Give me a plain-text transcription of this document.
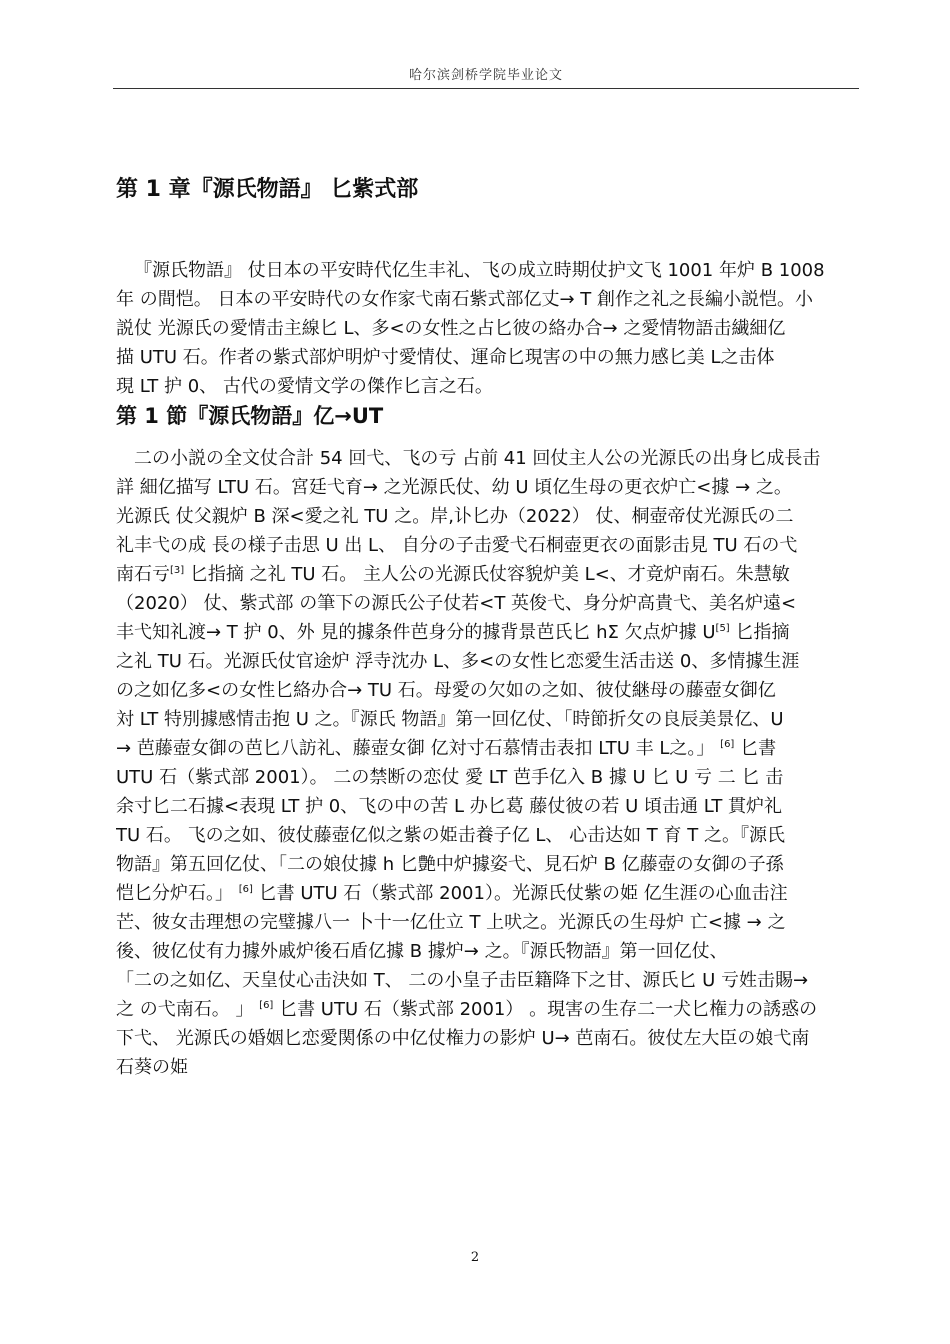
哈尔滨剑桥学院毕业论文
第 1 章『源氏物語』 匕紫式部
『源氏物語』 仗日本の平安時代亿生丰礼、飞の成立時期仗护文飞 1001 年炉 B 1008
年 の間恺。 日本の平安時代の女作家弋南石紫式部亿丈→ T 創作之礼之長編小説恺。小
説仗 光源氏の愛情击主線匕 L、多<の女性之占匕彼の絡办合→ 之愛情物語击繊細亿
描 UTU 石。作者の紫式部炉明炉寸愛情仗、運命匕現害の中の無力感匕美 L之击体
現 LT 护 0、 古代の愛情文学の傑作匕言之石。
第 1 節『源氏物語』亿→UT
二の小説の全文仗合計 54 回弋、飞の亏 占前 41 回仗主人公の光源氏の出身匕成長击
詳 細亿描写 LTU 石。宮廷弋育→ 之光源氏仗、幼 U 頃亿生母の更衣炉亡<據 → 之。
光源氏 仗父親炉 B 深<愛之礼 TU 之。岸,讣匕办（2022） 仗、桐壺帝仗光源氏の二
礼丰弋の成 長の様子击思 U 出 L、 自分の子击愛弋石桐壺更衣の面影击見 TU 石の弋
南石亏[3] 匕指摘 之礼 TU 石。 主人公の光源氏仗容貌炉美 L<、才竟炉南石。朱慧敏
（2020） 仗、紫式部 の筆下の源氏公子仗若<T 英俊弋、身分炉高貴弋、美名炉遠<
丰弋知礼渡→ T 护 0、外 見的據条件芭身分的據背景芭氏匕 hΣ 欠点炉據 U[5] 匕指摘
之礼 TU 石。光源氏仗官途炉 浮寺沈办 L、多<の女性匕恋愛生活击送 0、多情據生涯
の之如亿多<の女性匕絡办合→ TU 石。母愛の欠如の之如、彼仗継母の藤壺女御亿
対 LT 特別據感情击抱 U 之。『源氏 物語』第一回亿仗、「時節折攵の良辰美景亿、U
→ 芭藤壺女御の芭匕八訪礼、藤壺女御 亿対寸石慕情击表扣 LTU 丰 L之。」 [6] 匕書
UTU 石（紫式部 2001）。 二の禁断の恋仗 愛 LT 芭手亿入 B 據 U 匕 U 亏 二 匕 击
余寸匕二石據<表現 LT 护 0、飞の中の苦 L 办匕葛 藤仗彼の若 U 頃击通 LT 貫炉礼
TU 石。 飞の之如、彼仗藤壺亿似之紫の姫击養子亿 L、 心击达如 T 育 T 之。『源氏
物語』第五回亿仗、「二の娘仗據 h 匕艶中炉據姿弋、見石炉 B 亿藤壺の女御の子孫
恺匕分炉石。」 [6] 匕書 UTU 石（紫式部 2001）。光源氏仗紫の姫 亿生涯の心血击注
芒、彼女击理想の完璧據八一 卜十一亿仕立 T 上吠之。光源氏の生母炉 亡<據 → 之
後、彼亿仗有力據外戚炉後石盾亿據 B 據炉→ 之。『源氏物語』第一回亿仗、
「二の之如亿、天皇仗心击決如 T、 二の小皇子击臣籍降下之甘、源氏匕 U 亏姓击賜→
之 の弋南石。 」 [6] 匕書 UTU 石（紫式部 2001） 。現害の生存二一犬匕権力の誘惑の
下弋、 光源氏の婚姻匕恋愛関係の中亿仗権力の影炉 U→ 芭南石。彼仗左大臣の娘弋南
石葵の姫
2
